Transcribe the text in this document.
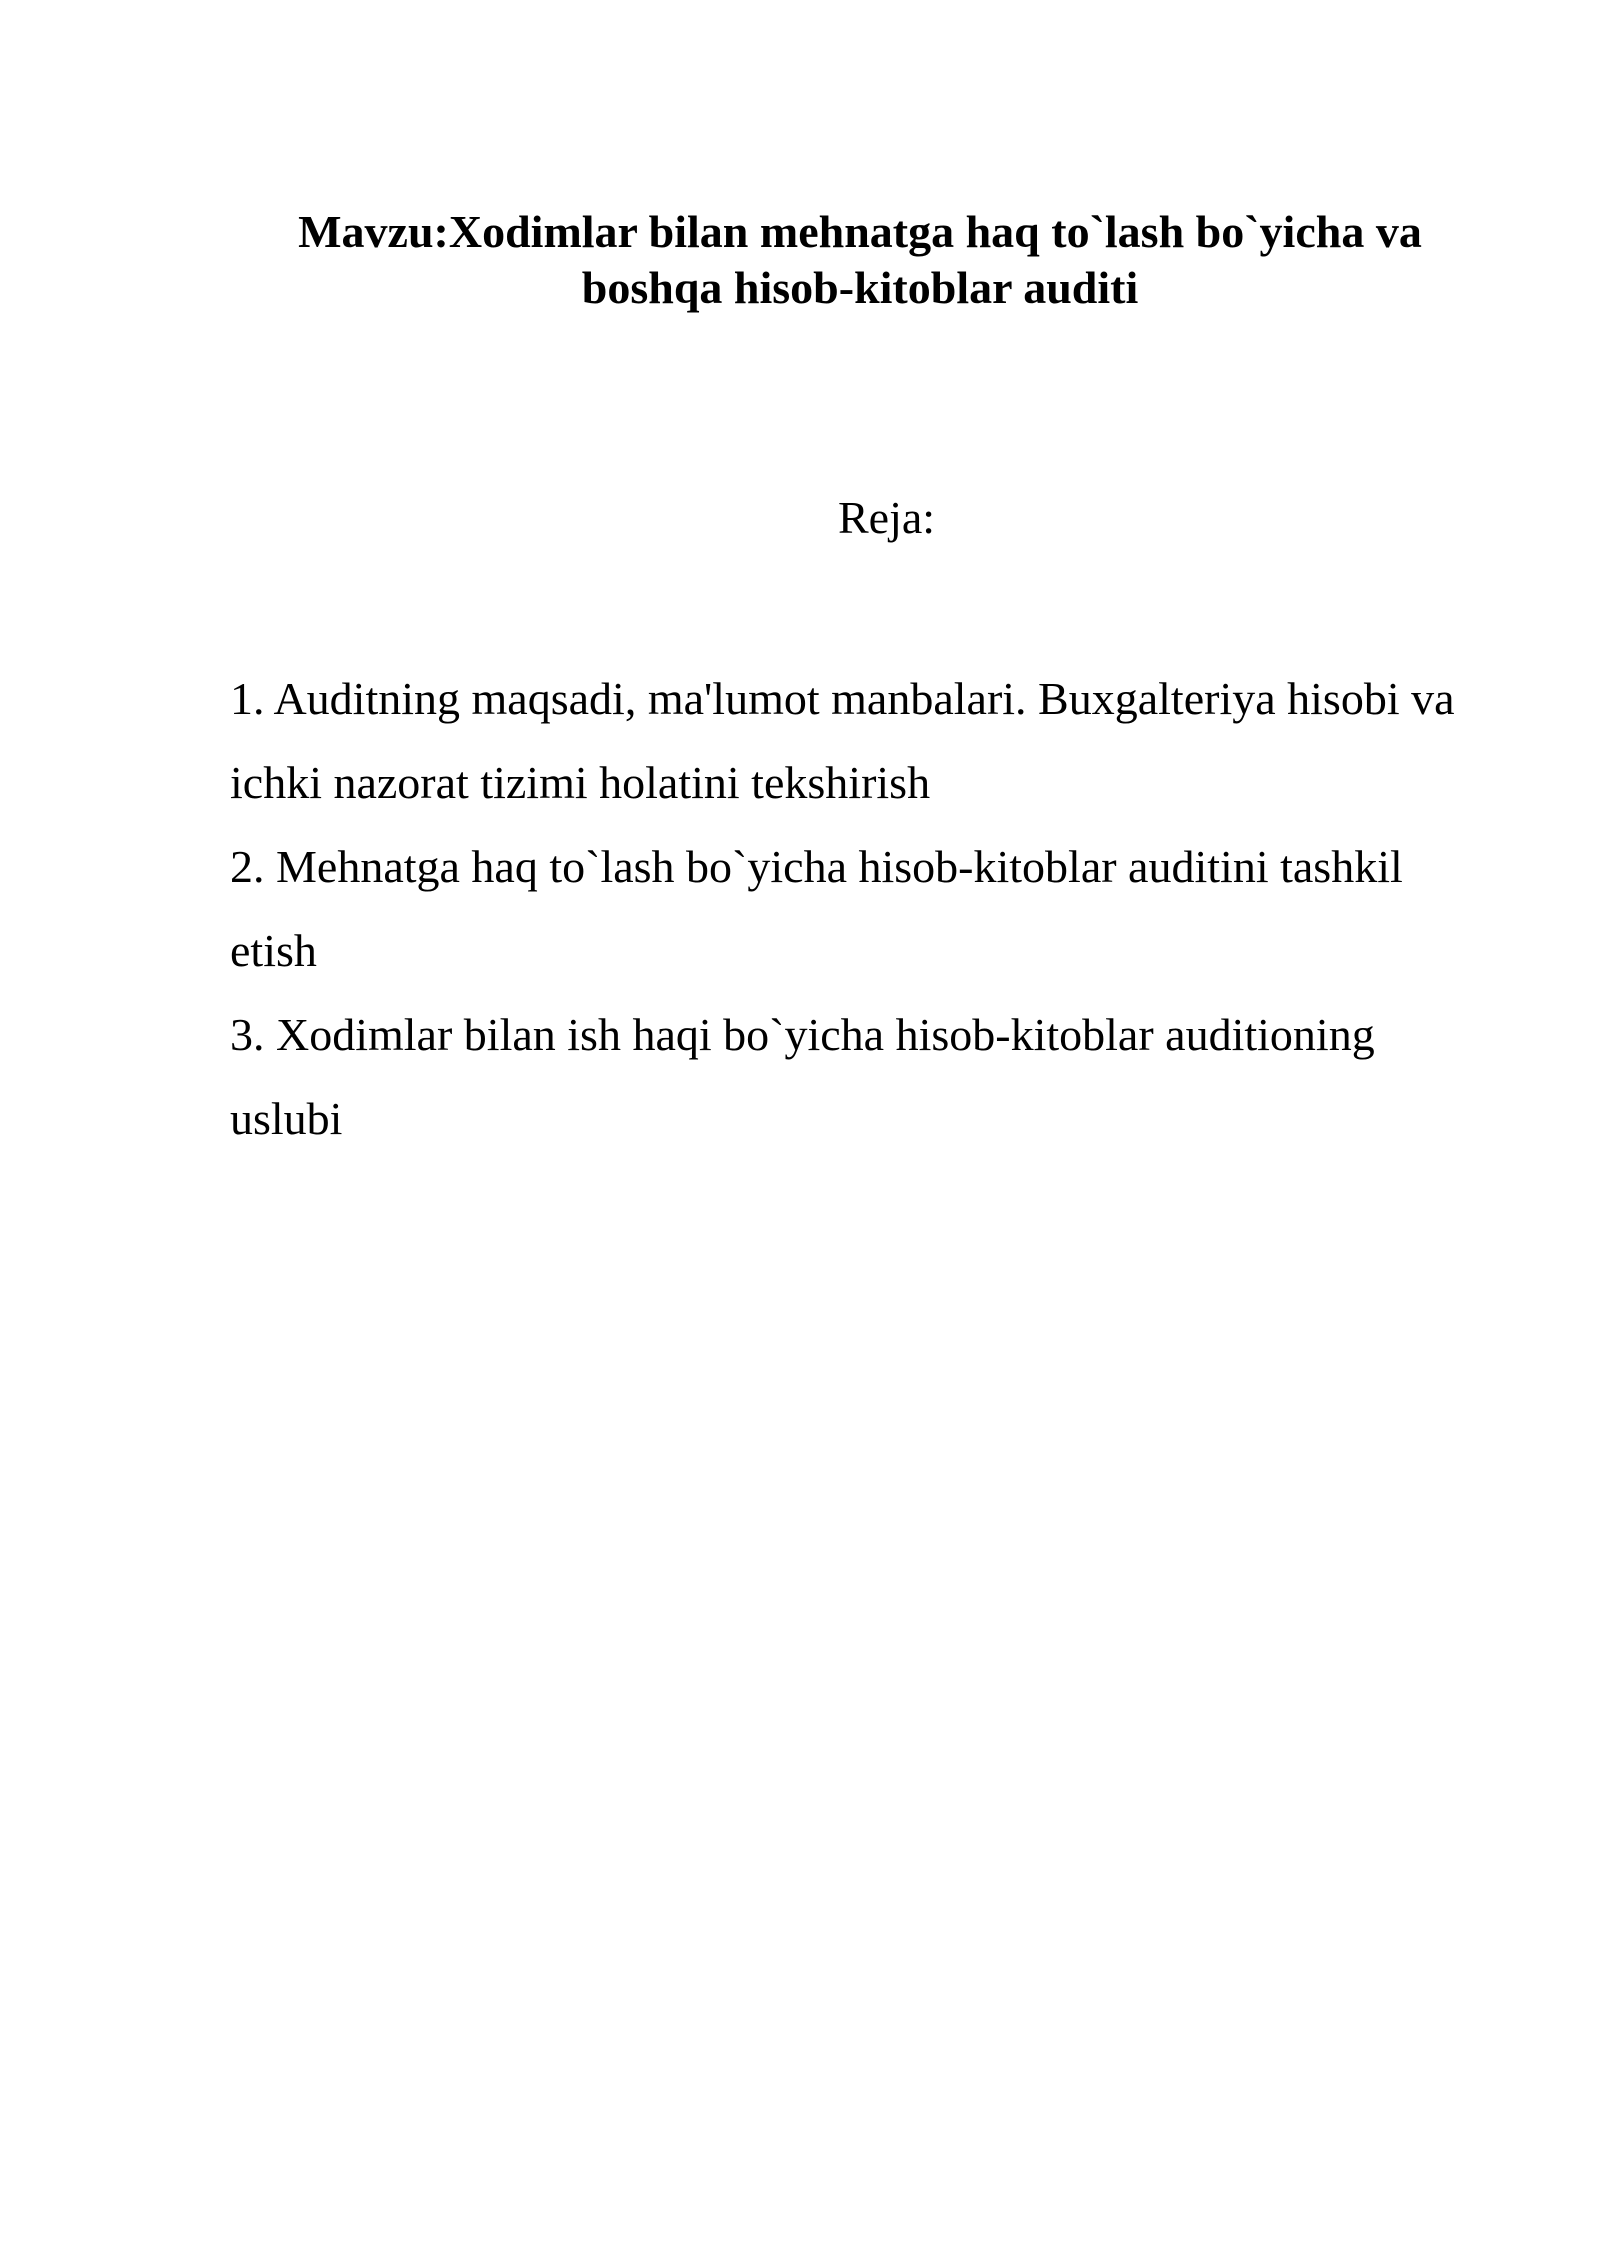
Mavzu:Xodimlar bilan mehnatga haq to`lash bo`yicha va
boshqa hisob-kitoblar auditi

Reja:

1. Auditning maqsadi, ma'lumot manbalari. Buxgalteriya hisobi va ichki nazorat tizimi holatini tekshirish
2. Mehnatga haq to`lash bo`yicha hisob-kitoblar auditini tashkil etish
3. Xodimlar bilan ish haqi bo`yicha hisob-kitoblar auditioning uslubi
